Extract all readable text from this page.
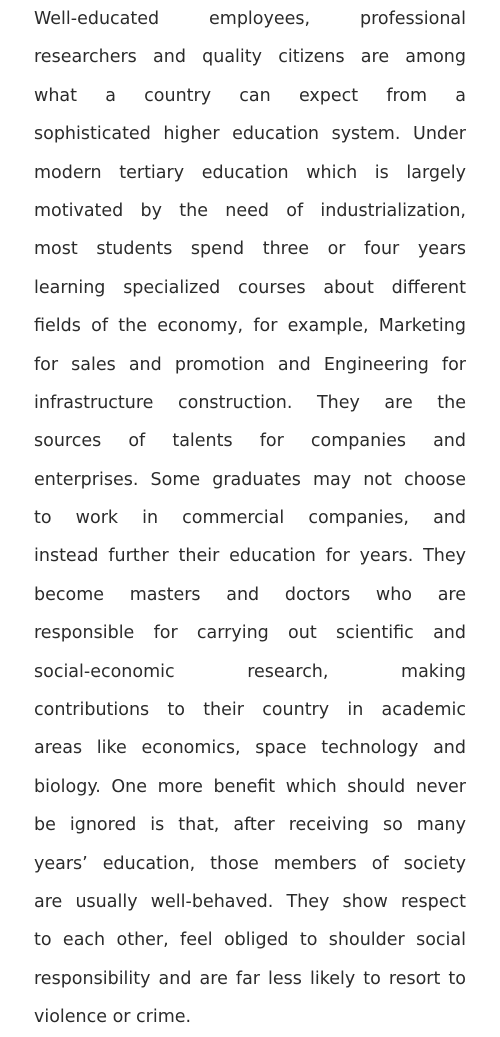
Well-educated employees, professional
researchers and quality citizens are among
what a country can expect from a
sophisticated higher education system. Under
modern tertiary education which is largely
motivated by the need of industrialization,
most students spend three or four years
learning specialized courses about different
fields of the economy, for example, Marketing
for sales and promotion and Engineering for
infrastructure construction. They are the
sources of talents for companies and
enterprises. Some graduates may not choose
to work in commercial companies, and
instead further their education for years. They
become masters and doctors who are
responsible for carrying out scientific and
social-economic research, making
contributions to their country in academic
areas like economics, space technology and
biology. One more benefit which should never
be ignored is that, after receiving so many
years’ education, those members of society
are usually well-behaved. They show respect
to each other, feel obliged to shoulder social
responsibility and are far less likely to resort to
violence or crime.
